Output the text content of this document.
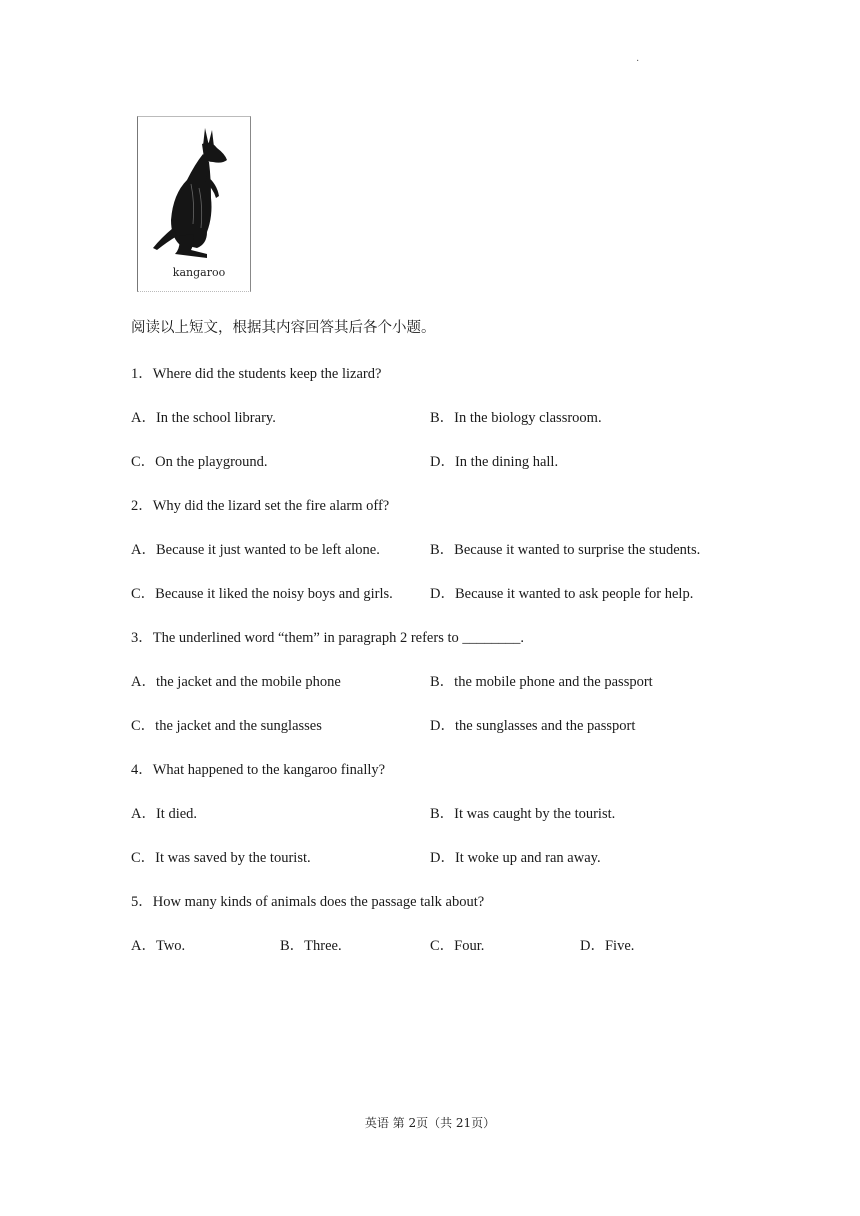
·
kangaroo
阅读以上短文，根据其内容回答其后各个小题。
1．Where did the students keep the lizard?
A．In the school library.	B．In the biology classroom.
C．On the playground.	D．In the dining hall.
2．Why did the lizard set the fire alarm off?
A．Because it just wanted to be left alone.	B．Because it wanted to surprise the students.
C．Because it liked the noisy boys and girls.	D．Because it wanted to ask people for help.
3．The underlined word “them” in paragraph 2 refers to ________.
A．the jacket and the mobile phone	B．the mobile phone and the passport
C．the jacket and the sunglasses	D．the sunglasses and the passport
4．What happened to the kangaroo finally?
A．It died.	B．It was caught by the tourist.
C．It was saved by the tourist.	D．It woke up and ran away.
5．How many kinds of animals does the passage talk about?
A．Two.	B．Three.	C．Four.	D．Five.
英语 第 2页（共 21页）
